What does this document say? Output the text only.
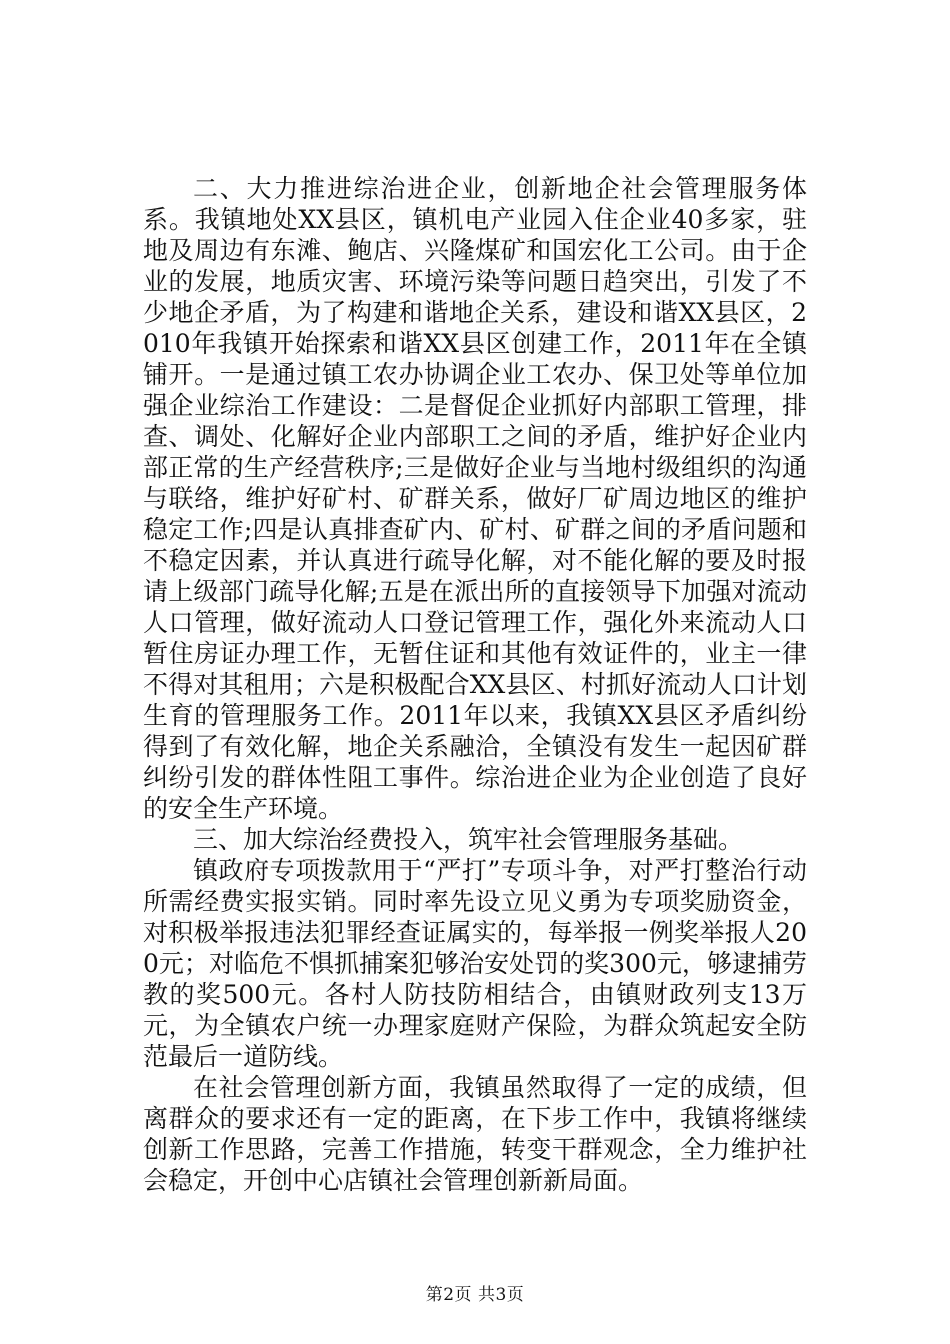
二、大力推进综治进企业，创新地企社会管理服务体系。我镇地处XX县区，镇机电产业园入住企业40多家，驻地及周边有东滩、鲍店、兴隆煤矿和国宏化工公司。由于企业的发展，地质灾害、环境污染等问题日趋突出，引发了不少地企矛盾，为了构建和谐地企关系，建设和谐XX县区，2010年我镇开始探索和谐XX县区创建工作，2011年在全镇铺开。一是通过镇工农办协调企业工农办、保卫处等单位加强企业综治工作建设：二是督促企业抓好内部职工管理，排查、调处、化解好企业内部职工之间的矛盾，维护好企业内部正常的生产经营秩序;三是做好企业与当地村级组织的沟通与联络，维护好矿村、矿群关系，做好厂矿周边地区的维护稳定工作;四是认真排查矿内、矿村、矿群之间的矛盾问题和不稳定因素，并认真进行疏导化解，对不能化解的要及时报请上级部门疏导化解;五是在派出所的直接领导下加强对流动人口管理，做好流动人口登记管理工作，强化外来流动人口暂住房证办理工作，无暂住证和其他有效证件的，业主一律不得对其租用；六是积极配合XX县区、村抓好流动人口计划生育的管理服务工作。2011年以来，我镇XX县区矛盾纠纷得到了有效化解，地企关系融洽，全镇没有发生一起因矿群纠纷引发的群体性阻工事件。综治进企业为企业创造了良好的安全生产环境。

三、加大综治经费投入，筑牢社会管理服务基础。

镇政府专项拨款用于“严打”专项斗争，对严打整治行动所需经费实报实销。同时率先设立见义勇为专项奖励资金，对积极举报违法犯罪经查证属实的，每举报一例奖举报人200元；对临危不惧抓捕案犯够治安处罚的奖300元，够逮捕劳教的奖500元。各村人防技防相结合，由镇财政列支13万元，为全镇农户统一办理家庭财产保险，为群众筑起安全防范最后一道防线。

在社会管理创新方面，我镇虽然取得了一定的成绩，但离群众的要求还有一定的距离，在下步工作中，我镇将继续创新工作思路，完善工作措施，转变干群观念，全力维护社会稳定，开创中心店镇社会管理创新新局面。

第2页 共3页
